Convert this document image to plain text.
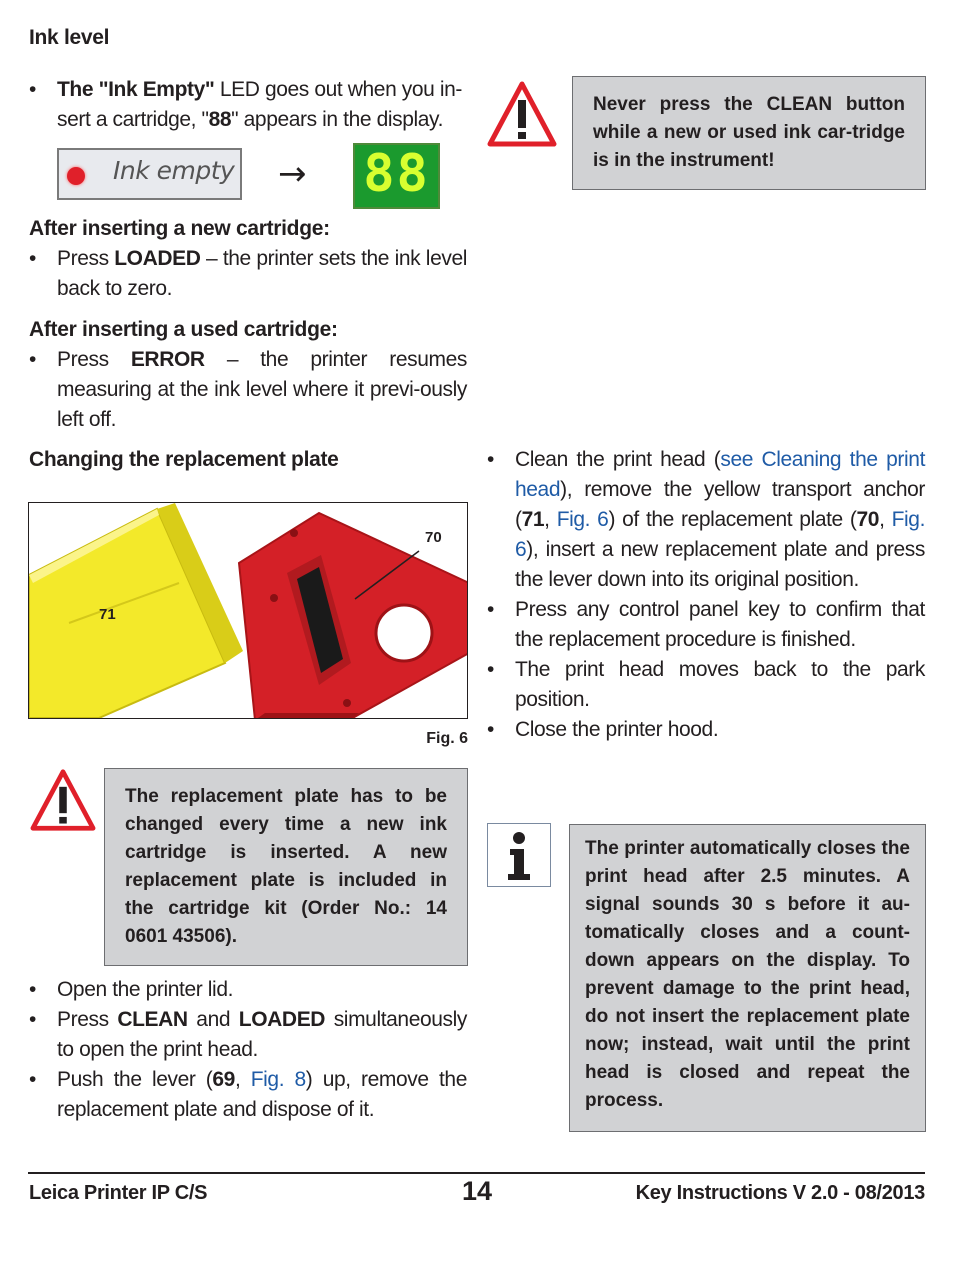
Ink level
• The "Ink Empty" LED goes out when you in-sert a cartridge, "88" appears in the display.
Ink empty → 88
Never press the CLEAN button while a new or used ink car-tridge is in the instrument!
After inserting a new cartridge:
• Press LOADED – the printer sets the ink level back to zero.
After inserting a used cartridge:
• Press ERROR – the printer resumes measuring at the ink level where it previ-ously left off.
Changing the replacement plate
70
71
Fig. 6
The replacement plate has to be changed every time a new ink cartridge is inserted. A new replacement plate is included in the cartridge kit (Order No.: 14 0601 43506).
• Open the printer lid.
• Press CLEAN and LOADED simultaneously to open the print head.
• Push the lever (69, Fig. 8) up, remove the replacement plate and dispose of it.
• Clean the print head (see Cleaning the print head), remove the yellow transport anchor (71, Fig. 6) of the replacement plate (70, Fig. 6), insert a new replacement plate and press the lever down into its original position.
• Press any control panel key to confirm that the replacement procedure is finished.
• The print head moves back to the park position.
• Close the printer hood.
The printer automatically closes the print head after 2.5 minutes. A signal sounds 30 s before it au-tomatically closes and a count-down appears on the display. To prevent damage to the print head, do not insert the replacement plate now; instead, wait until the print head is closed and repeat the process.
Leica Printer IP C/S	14	Key Instructions V 2.0 - 08/2013
